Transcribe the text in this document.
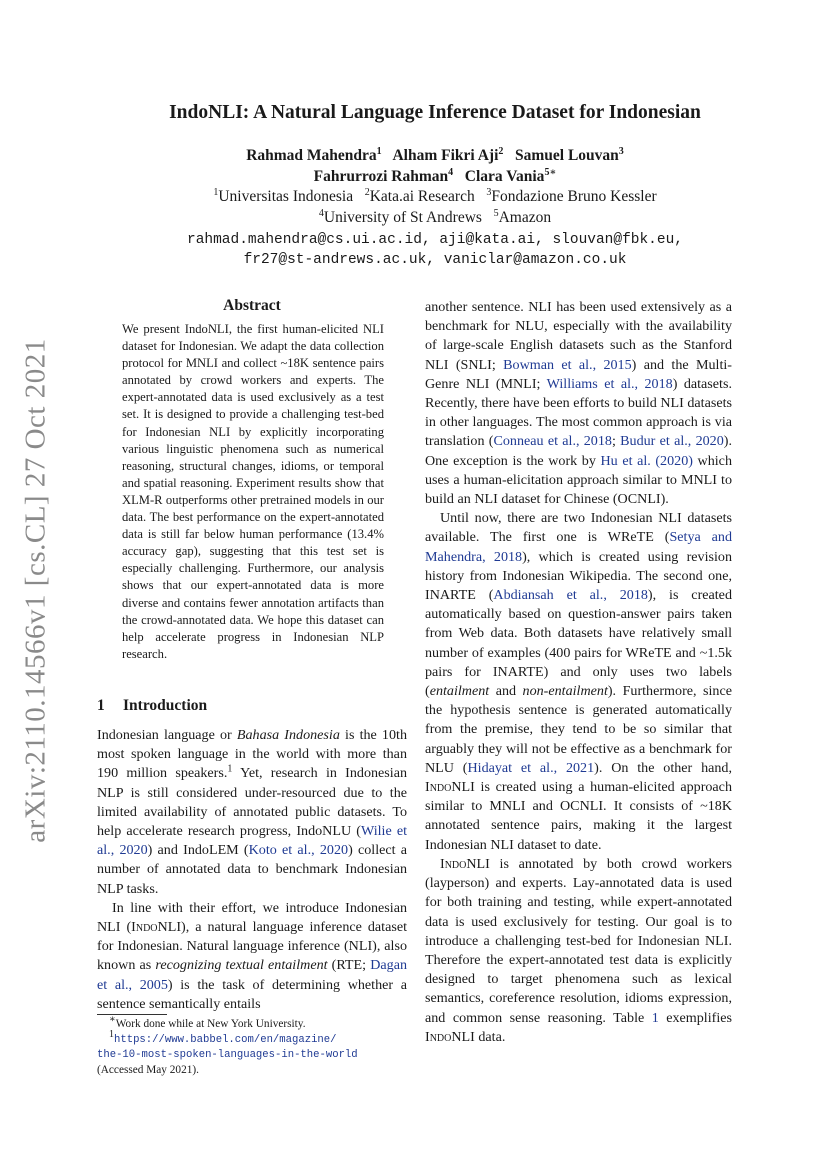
arXiv:2110.14566v1 [cs.CL] 27 Oct 2021
IndoNLI: A Natural Language Inference Dataset for Indonesian
Rahmad Mahendra$^1$ Alham Fikri Aji$^2$ Samuel Louvan$^3$
Fahrurrozi Rahman$^4$ Clara Vania$^{5∗}$
$^1$Universitas Indonesia $^2$Kata.ai Research $^3$Fondazione Bruno Kessler
$^4$University of St Andrews $^5$Amazon
rahmad.mahendra@cs.ui.ac.id, aji@kata.ai, slouvan@fbk.eu,
fr27@st-andrews.ac.uk, vaniclar@amazon.co.uk
Abstract
We present IndoNLI, the first human-elicited NLI dataset for Indonesian. We adapt the data collection protocol for MNLI and collect ~18K sentence pairs annotated by crowd workers and experts. The expert-annotated data is used exclusively as a test set. It is designed to provide a challenging test-bed for Indonesian NLI by explicitly incorporating various linguistic phenomena such as numerical reasoning, structural changes, idioms, or temporal and spatial reasoning. Experiment results show that XLM-R outperforms other pretrained models in our data. The best performance on the expert-annotated data is still far below human performance (13.4% accuracy gap), suggesting that this test set is especially challenging. Furthermore, our analysis shows that our expert-annotated data is more diverse and contains fewer annotation artifacts than the crowd-annotated data. We hope this dataset can help accelerate progress in Indonesian NLP research.
1 Introduction

Indonesian language or Bahasa Indonesia is the 10th most spoken language in the world with more than 190 million speakers.$^1$ Yet, research in Indonesian NLP is still considered under-resourced due to the limited availability of annotated public datasets. To help accelerate research progress, IndoNLU (Wilie et al., 2020) and IndoLEM (Koto et al., 2020) collect a number of annotated data to benchmark Indonesian NLP tasks.

In line with their effort, we introduce Indonesian NLI (IndoNLI), a natural language inference dataset for Indonesian. Natural language inference (NLI), also known as recognizing textual entailment (RTE; Dagan et al., 2005) is the task of determining whether a sentence semantically entails

another sentence. NLI has been used extensively as a benchmark for NLU, especially with the availability of large-scale English datasets such as the Stanford NLI (SNLI; Bowman et al., 2015) and the Multi-Genre NLI (MNLI; Williams et al., 2018) datasets. Recently, there have been efforts to build NLI datasets in other languages. The most common approach is via translation (Conneau et al., 2018; Budur et al., 2020). One exception is the work by Hu et al. (2020) which uses a human-elicitation approach similar to MNLI to build an NLI dataset for Chinese (OCNLI).

Until now, there are two Indonesian NLI datasets available. The first one is WReTE (Setya and Mahendra, 2018), which is created using revision history from Indonesian Wikipedia. The second one, INARTE (Abdiansah et al., 2018), is created automatically based on question-answer pairs taken from Web data. Both datasets have relatively small number of examples (400 pairs for WReTE and ~1.5k pairs for INARTE) and only uses two labels (entailment and non-entailment). Furthermore, since the hypothesis sentence is generated automatically from the premise, they tend to be so similar that arguably they will not be effective as a benchmark for NLU (Hidayat et al., 2021). On the other hand, IndoNLI is created using a human-elicited approach similar to MNLI and OCNLI. It consists of ~18K annotated sentence pairs, making it the largest Indonesian NLI dataset to date.

IndoNLI is annotated by both crowd workers (layperson) and experts. Lay-annotated data is used for both training and testing, while expert-annotated data is used exclusively for testing. Our goal is to introduce a challenging test-bed for Indonesian NLI. Therefore the expert-annotated test data is explicitly designed to target phenomena such as lexical semantics, coreference resolution, idioms expression, and common sense reasoning. Table 1 exemplifies IndoNLI data.

∗Work done while at New York University.
$^1$https://www.babbel.com/en/magazine/
the-10-most-spoken-languages-in-the-world
(Accessed May 2021).
